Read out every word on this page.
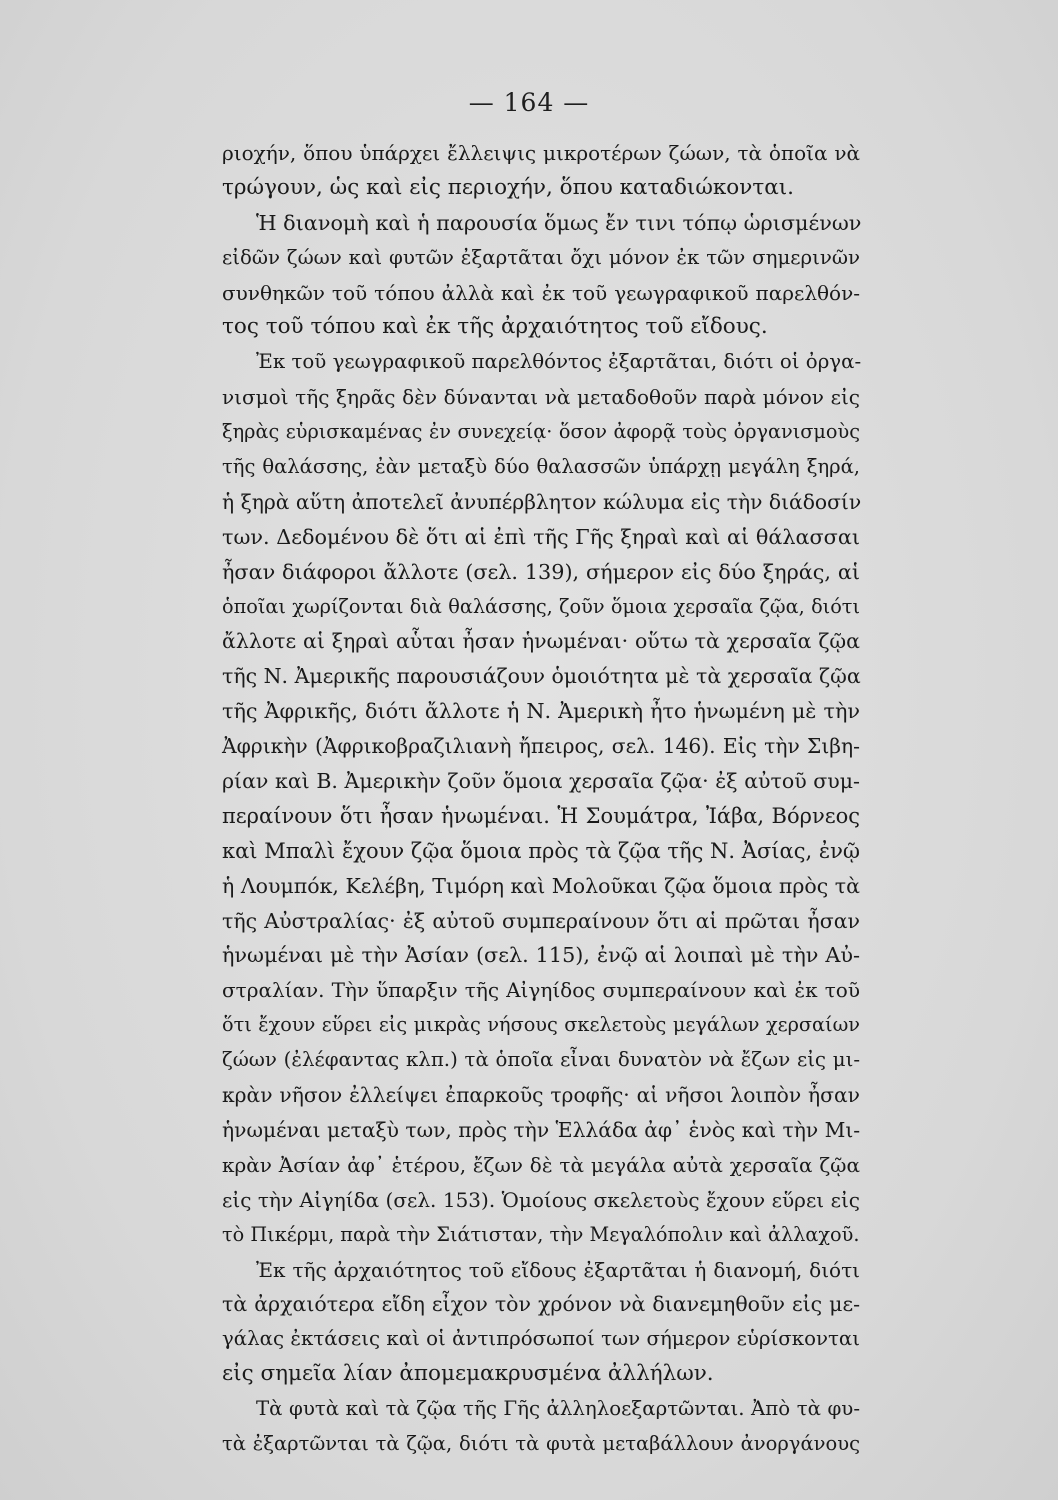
— 164 —
ριοχήν, ὅπου ὑπάρχει ἔλλειψις μικροτέρων ζώων, τὰ ὁποῖα νὰ
τρώγουν, ὡς καὶ εἰς περιοχήν, ὅπου καταδιώκονται.
Ἡ διανομὴ καὶ ἡ παρουσία ὅμως ἔν τινι τόπῳ ὡρισμένων
εἰδῶν ζώων καὶ φυτῶν ἐξαρτᾶται ὄχι μόνον ἐκ τῶν σημερινῶν
συνθηκῶν τοῦ τόπου ἀλλὰ καὶ ἐκ τοῦ γεωγραφικοῦ παρελθόν-
τος τοῦ τόπου καὶ ἐκ τῆς ἀρχαιότητος τοῦ εἴδους.
Ἐκ τοῦ γεωγραφικοῦ παρελθόντος ἐξαρτᾶται, διότι οἱ ὀργα-
νισμοὶ τῆς ξηρᾶς δὲν δύνανται νὰ μεταδοθοῦν παρὰ μόνον εἰς
ξηρὰς εὑρισκαμένας ἐν συνεχείᾳ· ὅσον ἀφορᾷ τοὺς ὀργανισμοὺς
τῆς θαλάσσης, ἐὰν μεταξὺ δύο θαλασσῶν ὑπάρχῃ μεγάλη ξηρά,
ἡ ξηρὰ αὕτη ἀποτελεῖ ἀνυπέρβλητον κώλυμα εἰς τὴν διάδοσίν
των. Δεδομένου δὲ ὅτι αἱ ἐπὶ τῆς Γῆς ξηραὶ καὶ αἱ θάλασσαι
ἦσαν διάφοροι ἄλλοτε (σελ. 139), σήμερον εἰς δύο ξηράς, αἱ
ὁποῖαι χωρίζονται διὰ θαλάσσης, ζοῦν ὅμοια χερσαῖα ζῷα, διότι
ἄλλοτε αἱ ξηραὶ αὗται ἦσαν ἡνωμέναι· οὕτω τὰ χερσαῖα ζῷα
τῆς Ν. Ἀμερικῆς παρουσιάζουν ὁμοιότητα μὲ τὰ χερσαῖα ζῷα
τῆς Ἀφρικῆς, διότι ἄλλοτε ἡ Ν. Ἀμερικὴ ἦτο ἡνωμένη μὲ τὴν
Ἀφρικὴν (Ἀφρικοβραζιλιανὴ ἤπειρος, σελ. 146). Εἰς τὴν Σιβη-
ρίαν καὶ Β. Ἀμερικὴν ζοῦν ὅμοια χερσαῖα ζῷα· ἐξ αὐτοῦ συμ-
περαίνουν ὅτι ἦσαν ἡνωμέναι. Ἡ Σουμάτρα, Ἰάβα, Βόρνεος
καὶ Μπαλὶ ἔχουν ζῷα ὅμοια πρὸς τὰ ζῷα τῆς Ν. Ἀσίας, ἐνῷ
ἡ Λουμπόκ, Κελέβη, Τιμόρη καὶ Μολοῦκαι ζῷα ὅμοια πρὸς τὰ
τῆς Αὐστραλίας· ἐξ αὐτοῦ συμπεραίνουν ὅτι αἱ πρῶται ἦσαν
ἡνωμέναι μὲ τὴν Ἀσίαν (σελ. 115), ἐνῷ αἱ λοιπαὶ μὲ τὴν Αὐ-
στραλίαν. Τὴν ὕπαρξιν τῆς Αἰγηίδος συμπεραίνουν καὶ ἐκ τοῦ
ὅτι ἔχουν εὕρει εἰς μικρὰς νήσους σκελετοὺς μεγάλων χερσαίων
ζώων (ἐλέφαντας κλπ.) τὰ ὁποῖα εἶναι δυνατὸν νὰ ἔζων εἰς μι-
κρὰν νῆσον ἐλλείψει ἐπαρκοῦς τροφῆς· αἱ νῆσοι λοιπὸν ἦσαν
ἡνωμέναι μεταξὺ των, πρὸς τὴν Ἑλλάδα ἀφ᾽ ἑνὸς καὶ τὴν Μι-
κρὰν Ἀσίαν ἀφ᾽ ἑτέρου, ἔζων δὲ τὰ μεγάλα αὐτὰ χερσαῖα ζῷα
εἰς τὴν Αἰγηίδα (σελ. 153). Ὁμοίους σκελετοὺς ἔχουν εὕρει εἰς
τὸ Πικέρμι, παρὰ τὴν Σιάτισταν, τὴν Μεγαλόπολιν καὶ ἀλλαχοῦ.
Ἐκ τῆς ἀρχαιότητος τοῦ εἴδους ἐξαρτᾶται ἡ διανομή, διότι
τὰ ἀρχαιότερα εἴδη εἶχον τὸν χρόνον νὰ διανεμηθοῦν εἰς με-
γάλας ἐκτάσεις καὶ οἱ ἀντιπρόσωποί των σήμερον εὑρίσκονται
εἰς σημεῖα λίαν ἀπομεμακρυσμένα ἀλλήλων.
Τὰ φυτὰ καὶ τὰ ζῷα τῆς Γῆς ἀλληλοεξαρτῶνται. Ἀπὸ τὰ φυ-
τὰ ἐξαρτῶνται τὰ ζῷα, διότι τὰ φυτὰ μεταβάλλουν ἀνοργάνους
